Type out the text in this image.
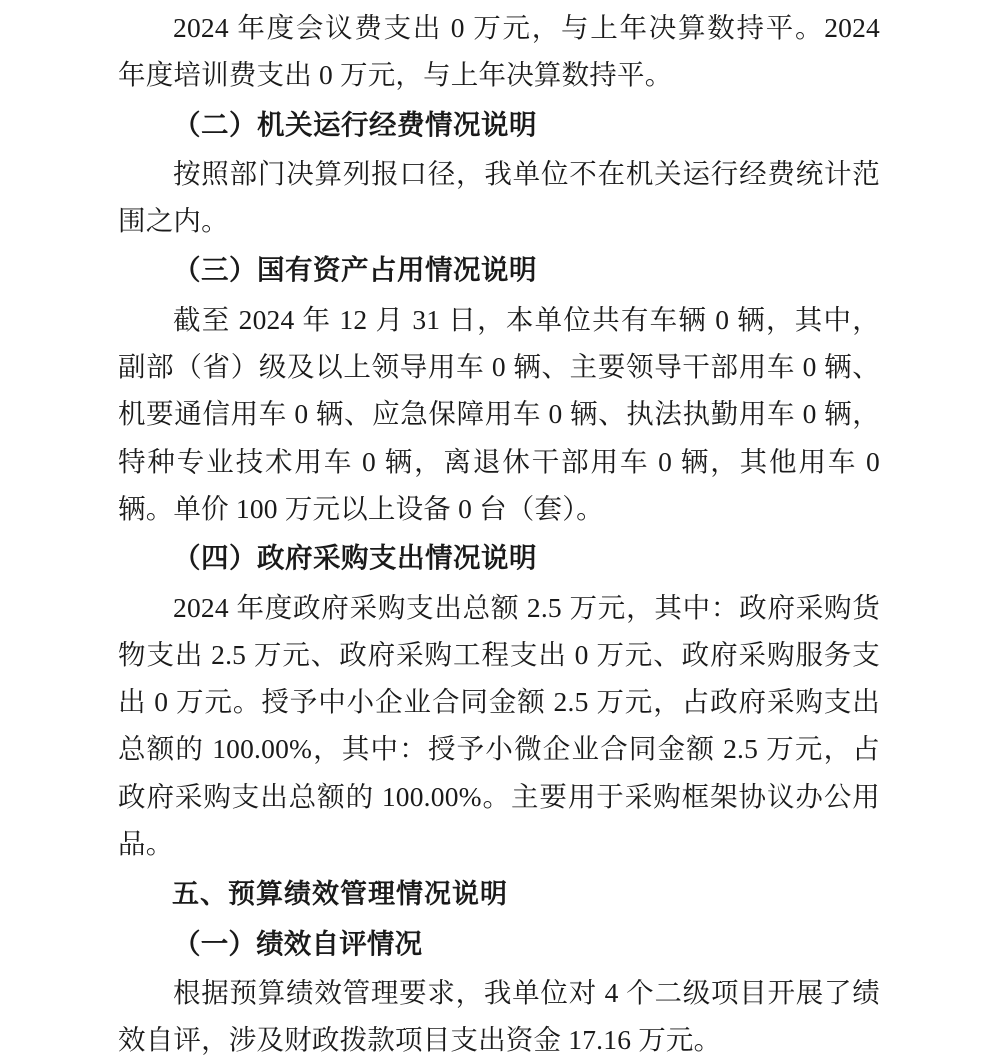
2024 年度会议费支出 0 万元，与上年决算数持平。2024 年度培训费支出 0 万元，与上年决算数持平。

（二）机关运行经费情况说明

按照部门决算列报口径，我单位不在机关运行经费统计范围之内。

（三）国有资产占用情况说明

截至 2024 年 12 月 31 日，本单位共有车辆 0 辆，其中，副部（省）级及以上领导用车 0 辆、主要领导干部用车 0 辆、机要通信用车 0 辆、应急保障用车 0 辆、执法执勤用车 0 辆，特种专业技术用车 0 辆，离退休干部用车 0 辆，其他用车 0 辆。单价 100 万元以上设备 0 台（套）。

（四）政府采购支出情况说明

2024 年度政府采购支出总额 2.5 万元，其中：政府采购货物支出 2.5 万元、政府采购工程支出 0 万元、政府采购服务支出 0 万元。授予中小企业合同金额 2.5 万元，占政府采购支出总额的 100.00%，其中：授予小微企业合同金额 2.5 万元，占政府采购支出总额的 100.00%。主要用于采购框架协议办公用品。

五、预算绩效管理情况说明

（一）绩效自评情况

根据预算绩效管理要求，我单位对 4 个二级项目开展了绩效自评，涉及财政拨款项目支出资金 17.16 万元。
